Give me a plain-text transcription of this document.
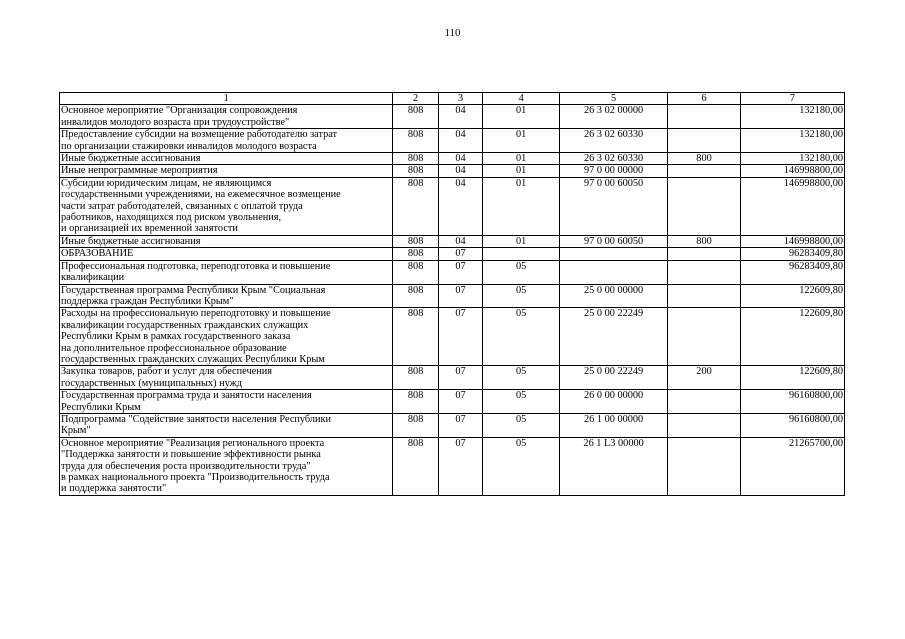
110
1	2	3	4	5	6	7
Основное мероприятие "Организация сопровождения
инвалидов молодого возраста при трудоустройстве"	808	04	01	26 3 02 00000		132180,00
Предоставление субсидии на возмещение работодателю затрат
по организации стажировки инвалидов молодого возраста	808	04	01	26 3 02 60330		132180,00
Иные бюджетные ассигнования	808	04	01	26 3 02 60330	800	132180,00
Иные непрограммные мероприятия	808	04	01	97 0 00 00000		146998800,00
Субсидии юридическим лицам, не являющимся
государственными учреждениями, на ежемесячное возмещение
части затрат работодателей, связанных с оплатой труда
работников, находящихся под риском увольнения,
и организацией их временной занятости	808	04	01	97 0 00 60050		146998800,00
Иные бюджетные ассигнования	808	04	01	97 0 00 60050	800	146998800,00
ОБРАЗОВАНИЕ	808	07				96283409,80
Профессиональная подготовка, переподготовка и повышение
квалификации	808	07	05			96283409,80
Государственная программа Республики Крым "Социальная
поддержка граждан Республики Крым"	808	07	05	25 0 00 00000		122609,80
Расходы на профессиональную переподготовку и повышение
квалификации государственных гражданских служащих
Республики Крым в рамках государственного заказа
на дополнительное профессиональное образование
государственных гражданских служащих Республики Крым	808	07	05	25 0 00 22249		122609,80
Закупка товаров, работ и услуг для обеспечения
государственных (муниципальных) нужд	808	07	05	25 0 00 22249	200	122609,80
Государственная программа труда и занятости населения
Республики Крым	808	07	05	26 0 00 00000		96160800,00
Подпрограмма "Содействие занятости населения Республики
Крым"	808	07	05	26 1 00 00000		96160800,00
Основное мероприятие "Реализация регионального проекта
"Поддержка занятости и повышение эффективности рынка
труда для обеспечения роста производительности труда"
в рамках национального проекта "Производительность труда
и поддержка занятости"	808	07	05	26 1 L3 00000		21265700,00
